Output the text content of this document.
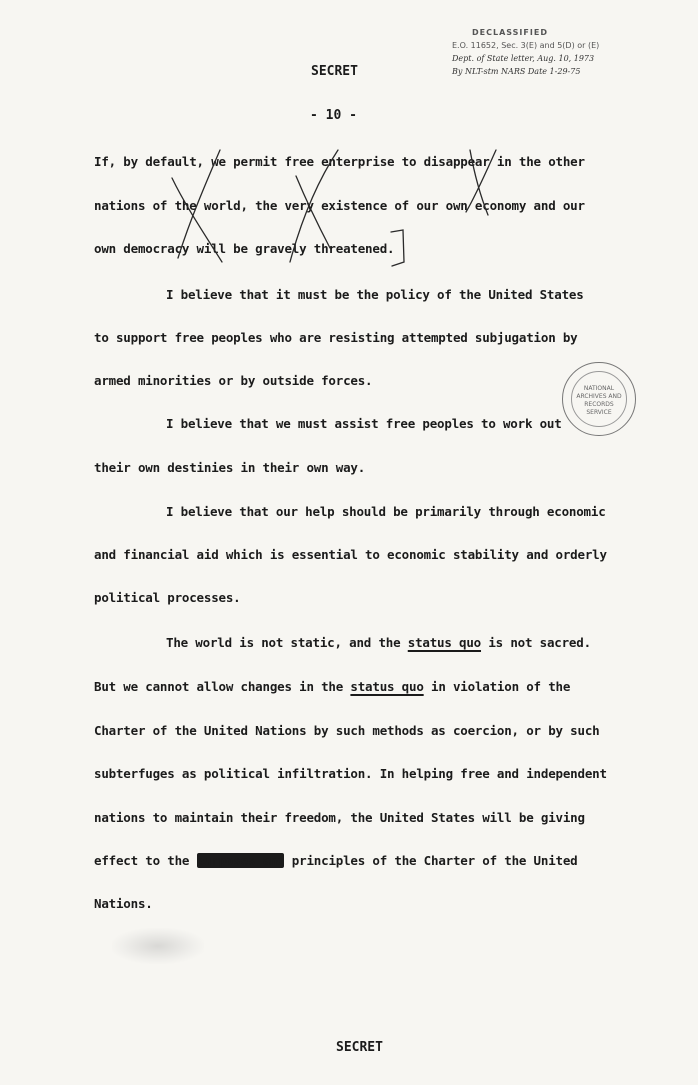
SECRET
- 10 -
DECLASSIFIED
E.O. 11652, Sec. 3(E) and 5(D) or (E)
Dept. of State letter, Aug. 10, 1973
By NLT-stm NARS Date 1-29-75
If, by default, we permit free enterprise to disappear in the other
nations of the world, the very existence of our own economy and our
own democracy will be gravely threatened.
I believe that it must be the policy of the United States
to support free peoples who are resisting attempted subjugation by
armed minorities or by outside forces.
I believe that we must assist free peoples to work out
their own destinies in their own way.
I believe that our help should be primarily through economic
and financial aid which is essential to economic stability and orderly
political processes.
The world is not static, and the status quo is not sacred.
But we cannot allow changes in the status quo in violation of the
Charter of the United Nations by such methods as coercion, or by such
subterfuges as political infiltration. In helping free and independent
nations to maintain their freedom, the United States will be giving
effect to the purposes and principles of the Charter of the United
Nations.
NATIONAL
ARCHIVES AND
RECORDS
SERVICE
SECRET
